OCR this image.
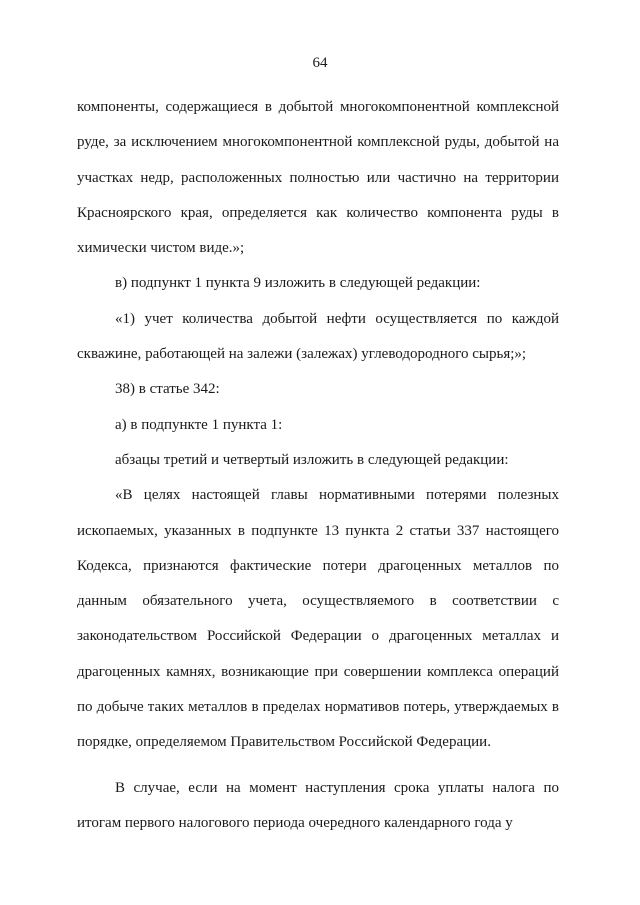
64

компоненты, содержащиеся в добытой многокомпонентной комплексной руде, за исключением многокомпонентной комплексной руды, добытой на участках недр, расположенных полностью или частично на территории Красноярского края, определяется как количество компонента руды в химически чистом виде.»;

в) подпункт 1 пункта 9 изложить в следующей редакции:

«1) учет количества добытой нефти осуществляется по каждой скважине, работающей на залежи (залежах) углеводородного сырья;»;

38) в статье 342:

а) в подпункте 1 пункта 1:

абзацы третий и четвертый изложить в следующей редакции:

«В целях настоящей главы нормативными потерями полезных ископаемых, указанных в подпункте 13 пункта 2 статьи 337 настоящего Кодекса, признаются фактические потери драгоценных металлов по данным обязательного учета, осуществляемого в соответствии с законодательством Российской Федерации о драгоценных металлах и драгоценных камнях, возникающие при совершении комплекса операций по добыче таких металлов в пределах нормативов потерь, утверждаемых в порядке, определяемом Правительством Российской Федерации.

В случае, если на момент наступления срока уплаты налога по итогам первого налогового периода очередного календарного года у
